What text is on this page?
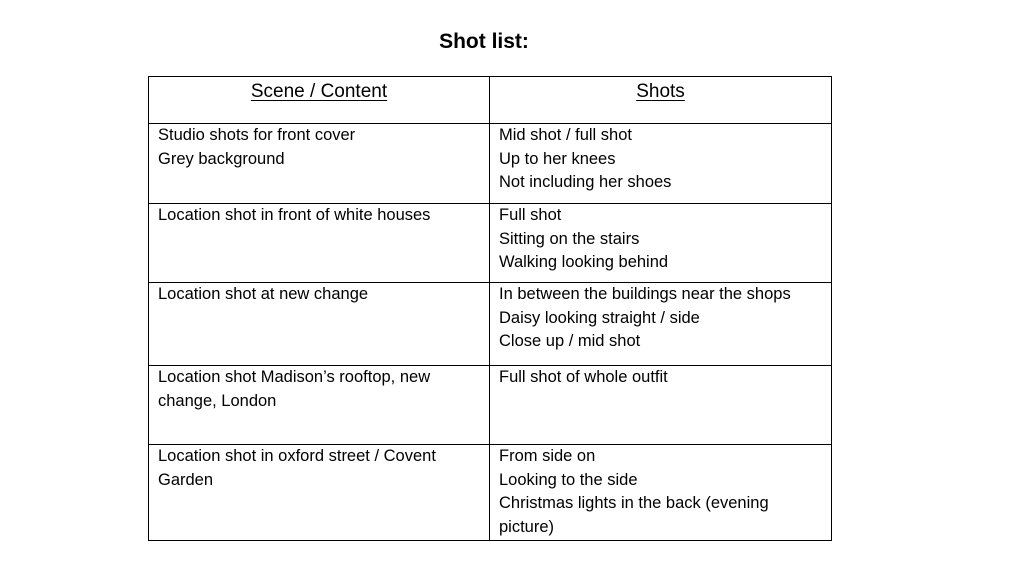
Shot list:
Scene / Content	Shots

Studio shots for front cover
Grey background	Mid shot / full shot
Up to her knees
Not including her shoes

Location shot in front of white houses	Full shot
Sitting on the stairs
Walking looking behind

Location shot at new change	In between the buildings near the shops
Daisy looking straight / side
Close up / mid shot

Location shot Madison’s rooftop, new change, London	Full shot of whole outfit

Location shot in oxford street / Covent Garden	From side on
Looking to the side
Christmas lights in the back (evening picture)
